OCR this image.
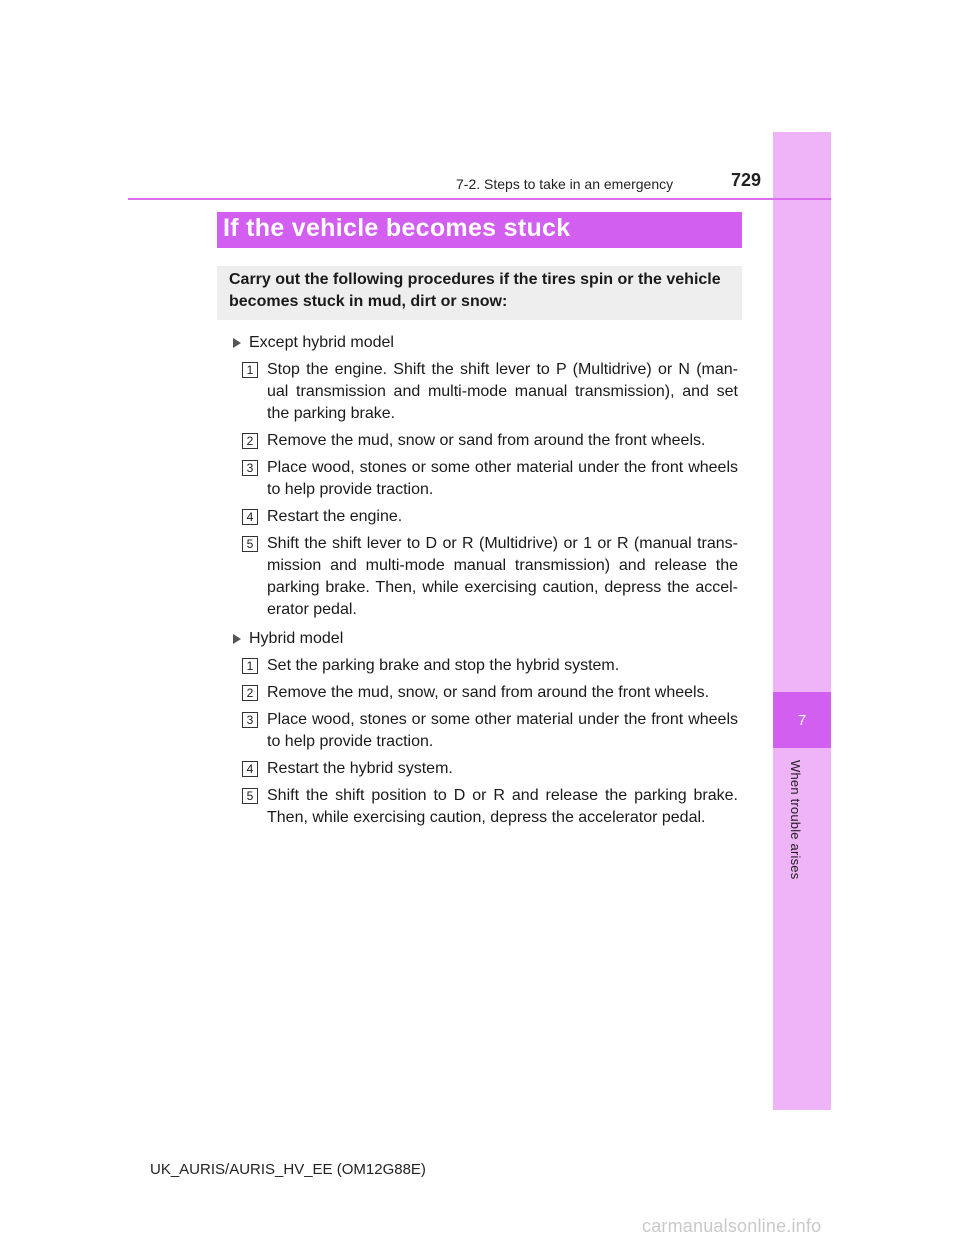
7
When trouble arises
7-2. Steps to take in an emergency	729
If the vehicle becomes stuck
Carry out the following procedures if the tires spin or the vehicle becomes stuck in mud, dirt or snow:
Except hybrid model
1 Stop the engine. Shift the shift lever to P (Multidrive) or N (man-ual transmission and multi-mode manual transmission), and set the parking brake.
2 Remove the mud, snow or sand from around the front wheels.
3 Place wood, stones or some other material under the front wheels to help provide traction.
4 Restart the engine.
5 Shift the shift lever to D or R (Multidrive) or 1 or R (manual trans-mission and multi-mode manual transmission) and release the parking brake. Then, while exercising caution, depress the accel-erator pedal.
Hybrid model
1 Set the parking brake and stop the hybrid system.
2 Remove the mud, snow, or sand from around the front wheels.
3 Place wood, stones or some other material under the front wheels to help provide traction.
4 Restart the hybrid system.
5 Shift the shift position to D or R and release the parking brake. Then, while exercising caution, depress the accelerator pedal.
UK_AURIS/AURIS_HV_EE (OM12G88E)
carmanualsonline.info
